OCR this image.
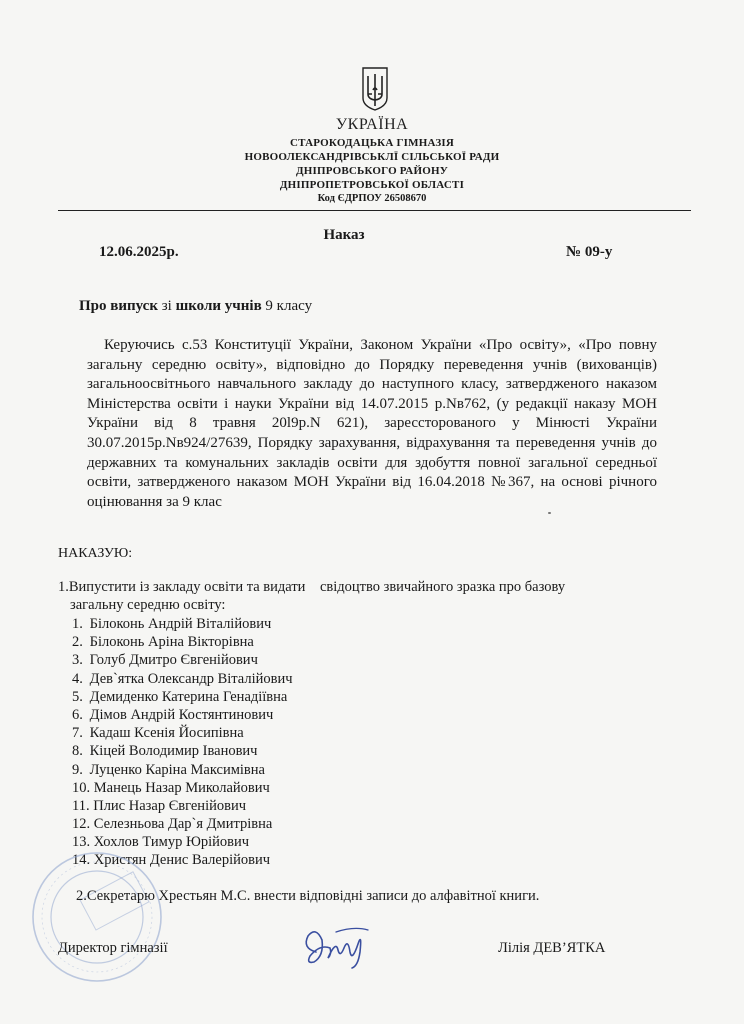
УКРАЇНА
СТАРОКОДАЦЬКА ГІМНАЗІЯ
НОВООЛЕКСАНДРІВСЬКЛЇ СІЛЬСЬКОЇ РАДИ
ДНІПРОВСЬКОГО РАЙОНУ
ДНІПРОПЕТРОВСЬКОЇ ОБЛАСТІ
Код ЄДРПОУ 26508670
Наказ
12.06.2025р.	№ 09-у
Про випуск зі школи учнів 9 класу
Керуючись с.53 Конституції України, Законом України «Про освіту», «Про повну загальну середню освіту», відповідно до Порядку переведення учнів (вихованців) загальноосвітнього навчального закладу до наступного класу, затвердженого наказом Міністерства освіти і науки України від 14.07.2015 р.Nв762, (у редакції наказу МОН України від 8 травня 20l9р.N 621), зарессторованого у Мінюсті України 30.07.2015р.Nв924/27639, Порядку зарахування, відрахування та переведення учнів до державних та комунальних закладів освіти для здобуття повної загальної середньої освіти, затвердженого наказом МОН України від 16.04.2018 №367, на основі річного оцінювання за 9 клас
НАКАЗУЮ:
1.Випустити із закладу освіти та видати    свідоцтво звичайного зразка про базову
загальну середню освіту:
1. Білоконь Андрій Віталійович
2. Білоконь Аріна Вікторівна
3. Голуб Дмитро Євгенійович
4. Дев`ятка Олександр Віталійович
5. Демиденко Катерина Генадіївна
6. Дімов Андрій Костянтинович
7. Кадаш Ксенія Йосипівна
8. Кіцей Володимир Іванович
9. Луценко Каріна Максимівна
10. Манець Назар Миколайович
11. Плис Назар Євгенійович
12. Селезньова Дар`я Дмитрівна
13. Хохлов Тимур Юрійович
14. Христян Денис Валерійович
2.Секретарю Хрестьян М.С. внести відповідні записи до алфавітної книги.
Директор гімназії	Лілія ДЕВ’ЯТКА
